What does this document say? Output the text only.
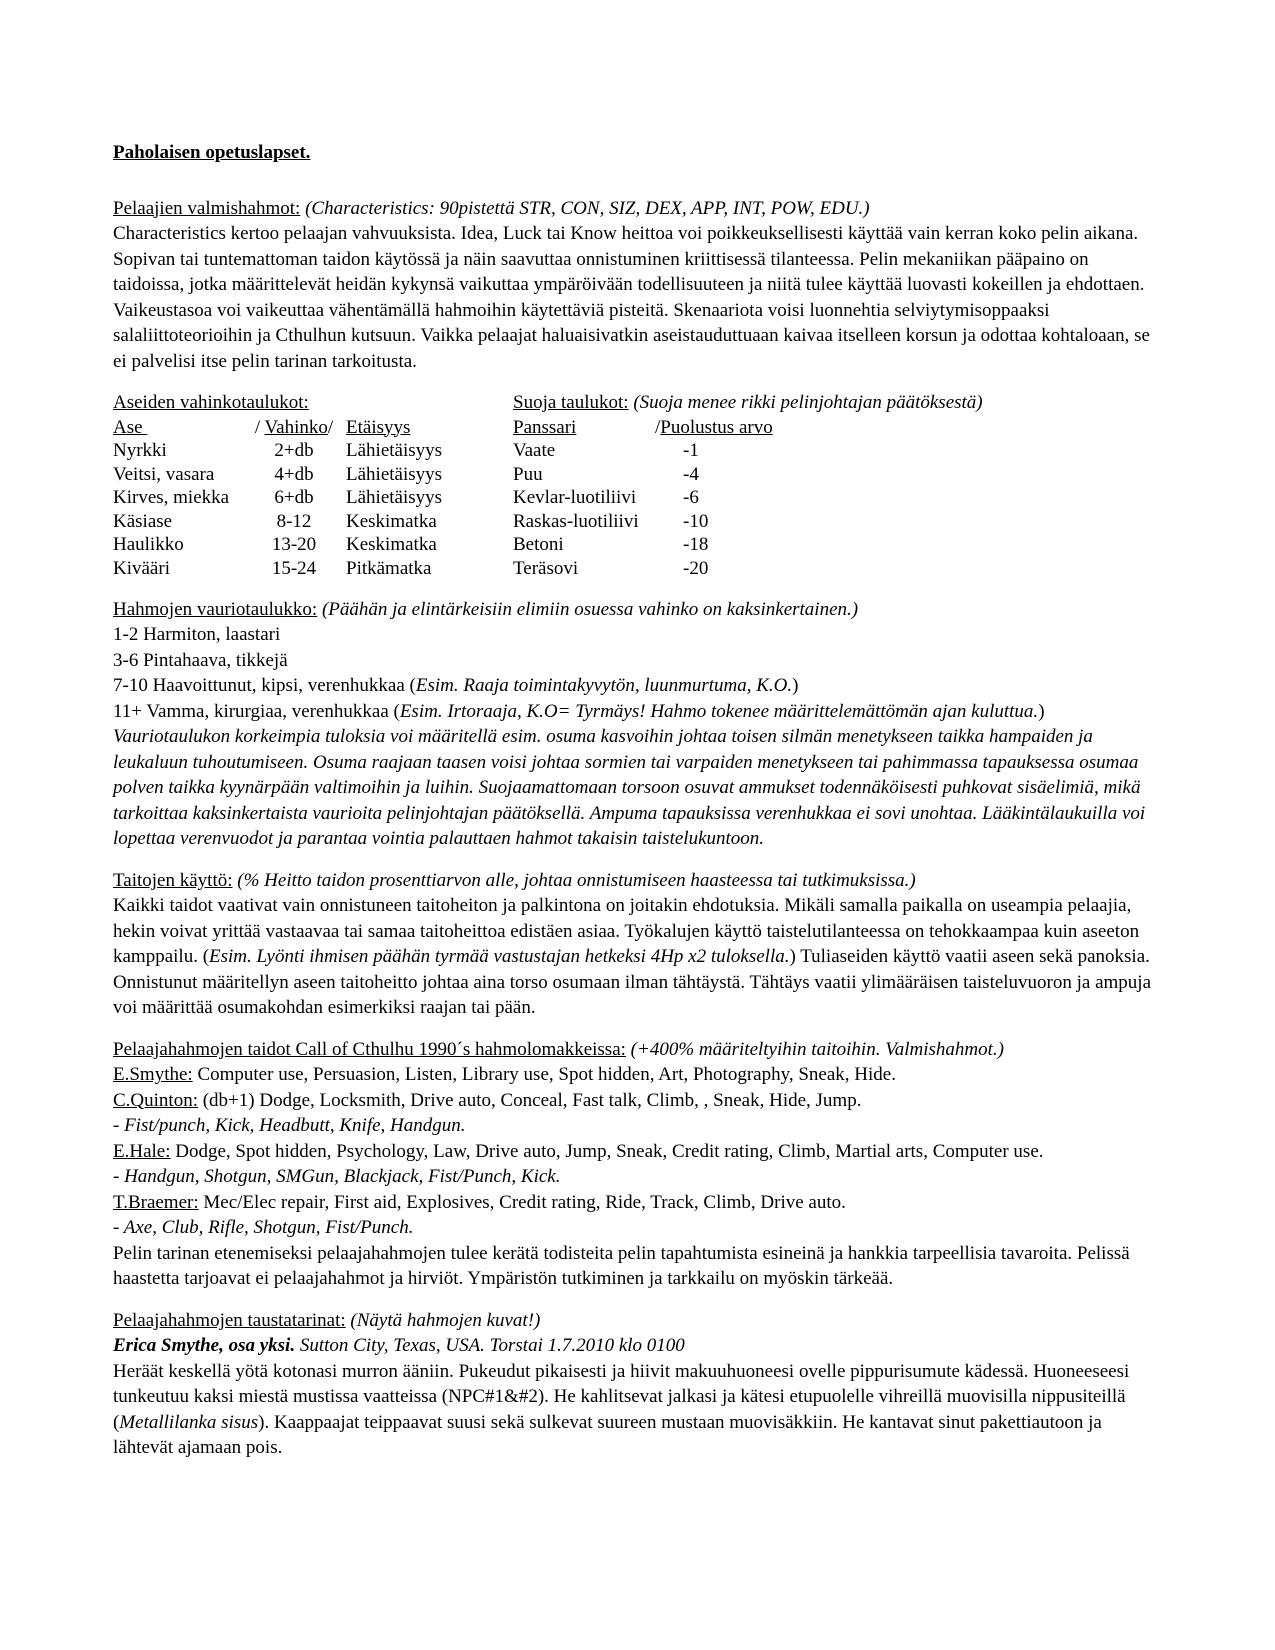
Paholaisen opetuslapset.

Pelaajien valmishahmot: (Characteristics: 90pistettä STR, CON, SIZ, DEX, APP, INT, POW, EDU.)

Characteristics kertoo pelaajan vahvuuksista. Idea, Luck tai Know heittoa voi poikkeuksellisesti käyttää vain kerran koko pelin aikana. Sopivan tai tuntemattoman taidon käytössä ja näin saavuttaa onnistuminen kriittisessä tilanteessa. Pelin mekaniikan pääpaino on taidoissa, jotka määrittelevät heidän kykynsä vaikuttaa ympäröivään todellisuuteen ja niitä tulee käyttää luovasti kokeillen ja ehdottaen. Vaikeustasoa voi vaikeuttaa vähentämällä hahmoihin käytettäviä pisteitä. Skenaariota voisi luonnehtia selviytymisoppaaksi salaliittoteorioihin ja Cthulhun kutsuun. Vaikka pelaajat haluaisivatkin aseistauduttuaan kaivaa itselleen korsun ja odottaa kohtaloaan, se ei palvelisi itse pelin tarinan tarkoitusta.

Aseiden vahinkotaulukot:

Ase	/ Vahinko/ Etäisyys
Nyrkki	2+db	Lähietäisyys
Veitsi, vasara	4+db	Lähietäisyys
Kirves, miekka	6+db	Lähietäisyys
Käsiase	8-12	Keskimatka
Haulikko	13-20	Keskimatka
Kivääri	15-24	Pitkämatka

Suoja taulukot: (Suoja menee rikki pelinjohtajan päätöksestä)

Panssari	/Puolustus arvo
Vaate	-1
Puu	-4
Kevlar-luotiliivi	-6
Raskas-luotiliivi	-10
Betoni	-18
Teräsovi	-20

Hahmojen vauriotaulukko: (Päähän ja elintärkeisiin elimiin osuessa vahinko on kaksinkertainen.)

1-2 Harmiton, laastari

3-6 Pintahaava, tikkejä

7-10 Haavoittunut, kipsi, verenhukkaa (Esim. Raaja toimintakyvytön, luunmurtuma, K.O.)

11+ Vamma, kirurgiaa, verenhukkaa (Esim. Irtoraaja, K.O= Tyrmäys! Hahmo tokenee määrittelemättömän ajan kuluttua.)

Vauriotaulukon korkeimpia tuloksia voi määritellä esim. osuma kasvoihin johtaa toisen silmän menetykseen taikka hampaiden ja leukaluun tuhoutumiseen. Osuma raajaan taasen voisi johtaa sormien tai varpaiden menetykseen tai pahimmassa tapauksessa osumaa polven taikka kyynärpään valtimoihin ja luihin. Suojaamattomaan torsoon osuvat ammukset todennäköisesti puhkovat sisäelimiä, mikä tarkoittaa kaksinkertaista vaurioita pelinjohtajan päätöksellä. Ampuma tapauksissa verenhukkaa ei sovi unohtaa. Lääkintälaukuilla voi lopettaa verenvuodot ja parantaa vointia palauttaen hahmot takaisin taistelukuntoon.

Taitojen käyttö: (% Heitto taidon prosenttiarvon alle, johtaa onnistumiseen haasteessa tai tutkimuksissa.)

Kaikki taidot vaativat vain onnistuneen taitoheiton ja palkintona on joitakin ehdotuksia. Mikäli samalla paikalla on useampia pelaajia, hekin voivat yrittää vastaavaa tai samaa taitoheittoa edistäen asiaa. Työkalujen käyttö taistelutilanteessa on tehokkaampaa kuin aseeton kamppailu. (Esim. Lyönti ihmisen päähän tyrmää vastustajan hetkeksi 4Hp x2 tuloksella.) Tuliaseiden käyttö vaatii aseen sekä panoksia. Onnistunut määritellyn aseen taitoheitto johtaa aina torso osumaan ilman tähtäystä. Tähtäys vaatii ylimääräisen taisteluvuoron ja ampuja voi määrittää osumakohdan esimerkiksi raajan tai pään.

Pelaajahahmojen taidot Call of Cthulhu 1990´s hahmolomakkeissa: (+400% määriteltyihin taitoihin. Valmishahmot.)

E.Smythe: Computer use, Persuasion, Listen, Library use, Spot hidden, Art, Photography, Sneak, Hide.

C.Quinton: (db+1) Dodge, Locksmith, Drive auto, Conceal, Fast talk, Climb, , Sneak, Hide, Jump.

- Fist/punch, Kick, Headbutt, Knife, Handgun.

E.Hale: Dodge, Spot hidden, Psychology, Law, Drive auto, Jump, Sneak, Credit rating, Climb, Martial arts, Computer use.

- Handgun, Shotgun, SMGun, Blackjack, Fist/Punch, Kick.

T.Braemer: Mec/Elec repair, First aid, Explosives, Credit rating, Ride, Track, Climb, Drive auto.

- Axe, Club, Rifle, Shotgun, Fist/Punch.

Pelin tarinan etenemiseksi pelaajahahmojen tulee kerätä todisteita pelin tapahtumista esineinä ja hankkia tarpeellisia tavaroita. Pelissä haastetta tarjoavat ei pelaajahahmot ja hirviöt. Ympäristön tutkiminen ja tarkkailu on myöskin tärkeää.

Pelaajahahmojen taustatarinat: (Näytä hahmojen kuvat!)

Erica Smythe, osa yksi. Sutton City, Texas, USA. Torstai 1.7.2010 klo 0100

Heräät keskellä yötä kotonasi murron ääniin. Pukeudut pikaisesti ja hiivit makuuhuoneesi ovelle pippurisumute kädessä. Huoneeseesi tunkeutuu kaksi miestä mustissa vaatteissa (NPC#1&#2). He kahlitsevat jalkasi ja kätesi etupuolelle vihreillä muovisilla nippusiteillä (Metallilanka sisus). Kaappaajat teippaavat suusi sekä sulkevat suureen mustaan muovisäkkiin. He kantavat sinut pakettiautoon ja lähtevät ajamaan pois.
